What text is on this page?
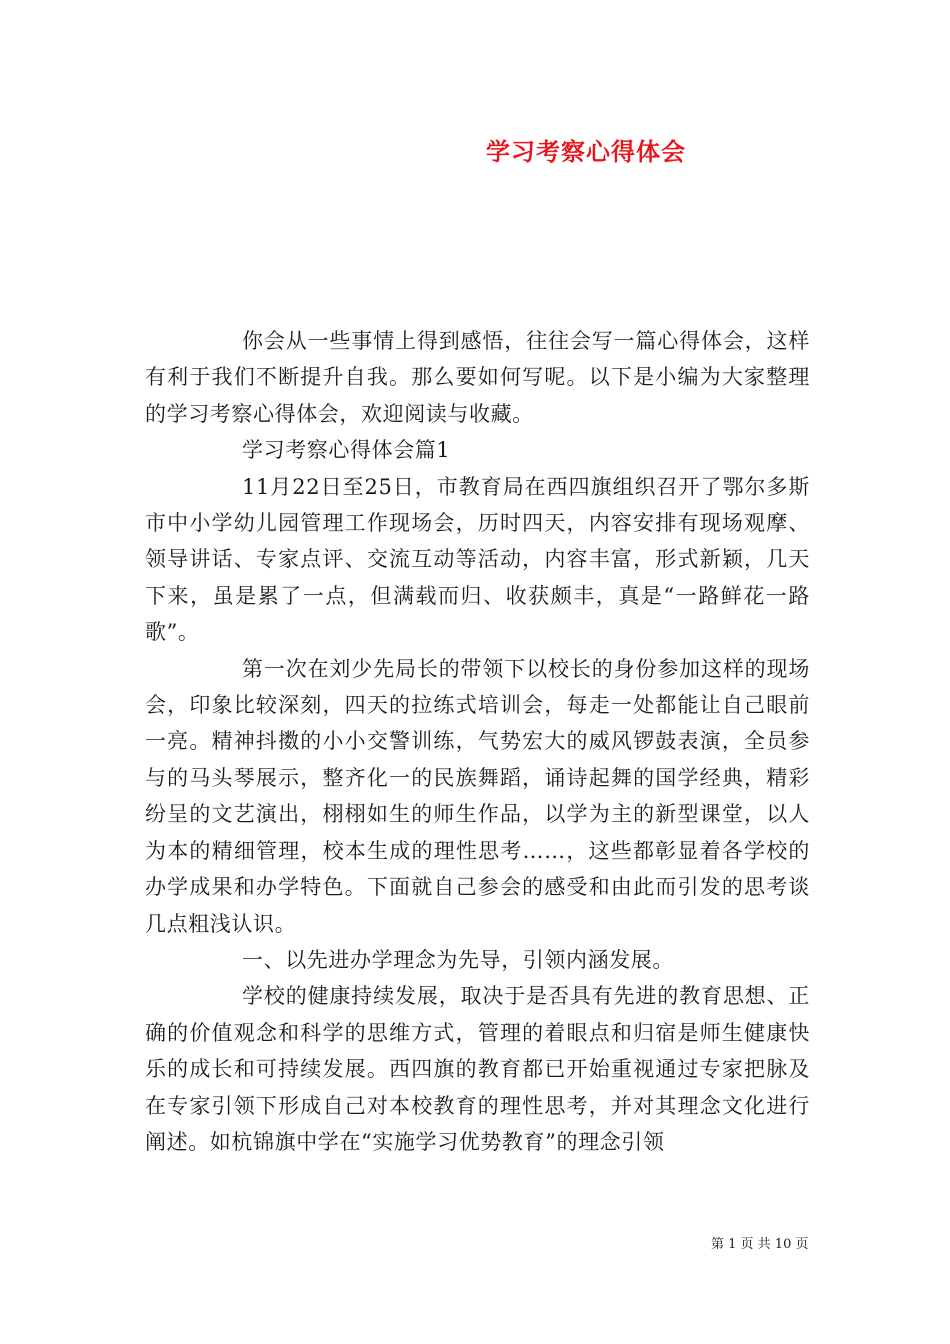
学习考察心得体会

你会从一些事情上得到感悟，往往会写一篇心得体会，这样有利于我们不断提升自我。那么要如何写呢。以下是小编为大家整理的学习考察心得体会，欢迎阅读与收藏。

学习考察心得体会篇1

11月22日至25日，市教育局在西四旗组织召开了鄂尔多斯市中小学幼儿园管理工作现场会，历时四天，内容安排有现场观摩、领导讲话、专家点评、交流互动等活动，内容丰富，形式新颖，几天下来，虽是累了一点，但满载而归、收获颇丰，真是“一路鲜花一路歌”。

第一次在刘少先局长的带领下以校长的身份参加这样的现场会，印象比较深刻，四天的拉练式培训会，每走一处都能让自己眼前一亮。精神抖擞的小小交警训练，气势宏大的威风锣鼓表演，全员参与的马头琴展示，整齐化一的民族舞蹈，诵诗起舞的国学经典，精彩纷呈的文艺演出，栩栩如生的师生作品，以学为主的新型课堂，以人为本的精细管理，校本生成的理性思考……，这些都彰显着各学校的办学成果和办学特色。下面就自己参会的感受和由此而引发的思考谈几点粗浅认识。

一、以先进办学理念为先导，引领内涵发展。

学校的健康持续发展，取决于是否具有先进的教育思想、正确的价值观念和科学的思维方式，管理的着眼点和归宿是师生健康快乐的成长和可持续发展。西四旗的教育都已开始重视通过专家把脉及在专家引领下形成自己对本校教育的理性思考，并对其理念文化进行阐述。如杭锦旗中学在“实施学习优势教育”的理念引领

第 1 页 共 10 页
